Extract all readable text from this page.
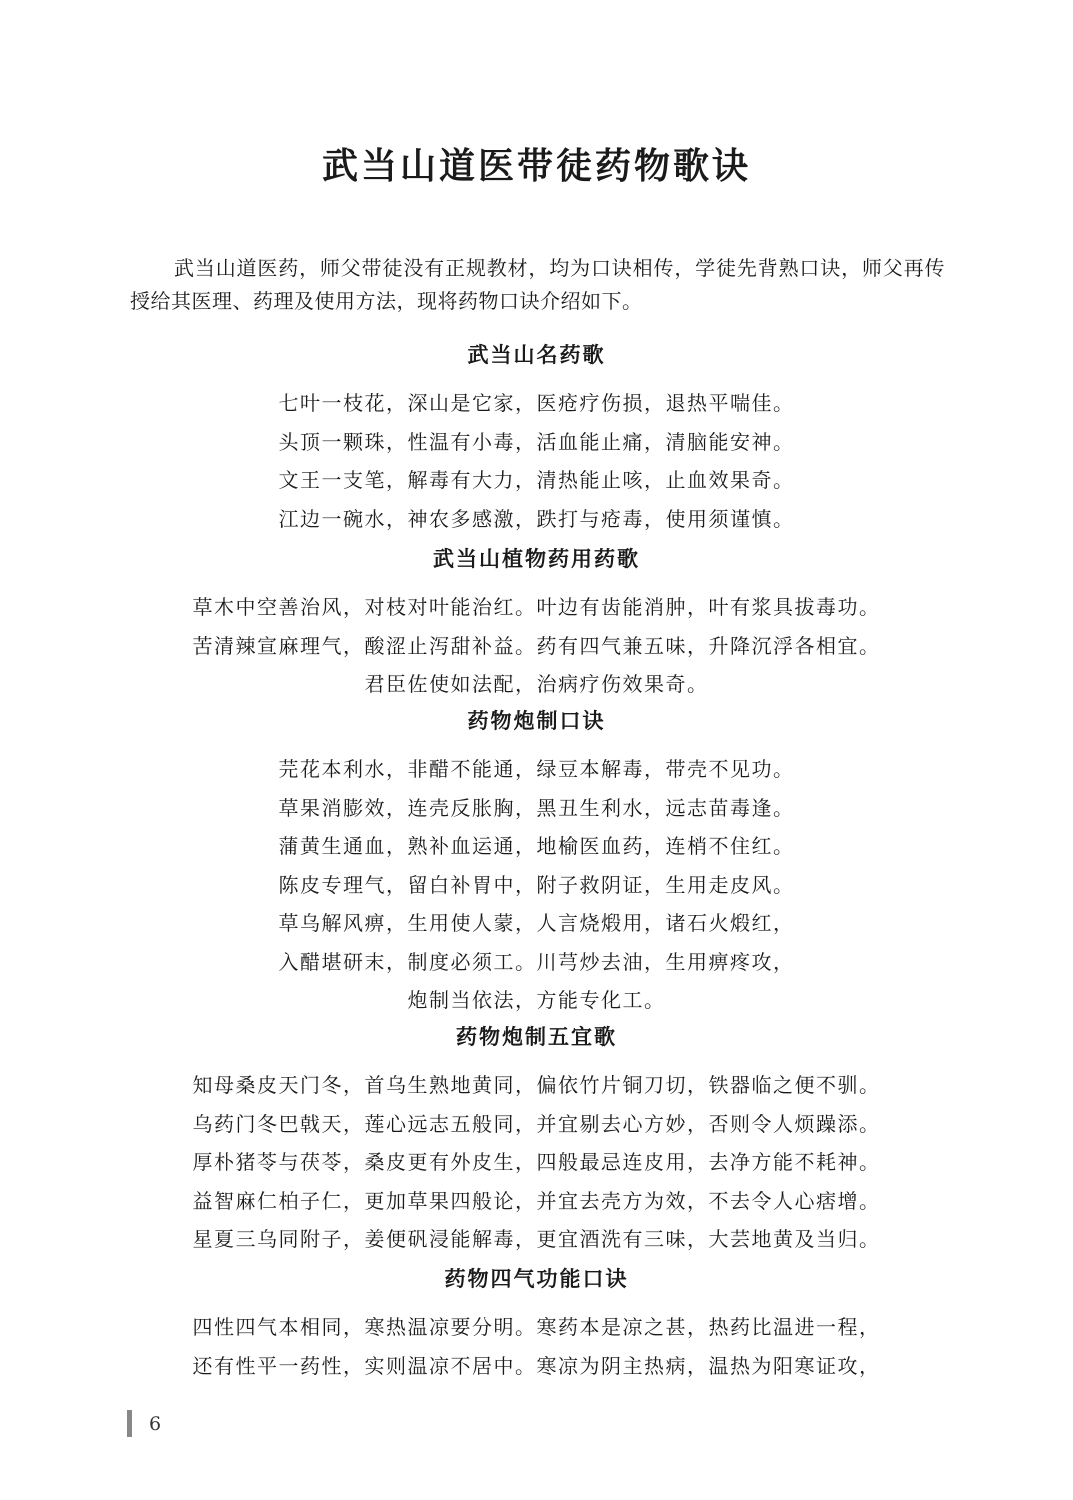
武当山道医带徒药物歌诀

武当山道医药，师父带徒没有正规教材，均为口诀相传，学徒先背熟口诀，师父再传授给其医理、药理及使用方法，现将药物口诀介绍如下。

武当山名药歌
七叶一枝花，深山是它家，医疮疗伤损，退热平喘佳。
头顶一颗珠，性温有小毒，活血能止痛，清脑能安神。
文王一支笔，解毒有大力，清热能止咳，止血效果奇。
江边一碗水，神农多感激，跌打与疮毒，使用须谨慎。
武当山植物药用药歌
草木中空善治风，对枝对叶能治红。叶边有齿能消肿，叶有浆具拔毒功。
苦清辣宣麻理气，酸涩止泻甜补益。药有四气兼五味，升降沉浮各相宜。
君臣佐使如法配，治病疗伤效果奇。
药物炮制口诀
芫花本利水，非醋不能通，绿豆本解毒，带壳不见功。
草果消膨效，连壳反胀胸，黑丑生利水，远志苗毒逢。
蒲黄生通血，熟补血运通，地榆医血药，连梢不住红。
陈皮专理气，留白补胃中，附子救阴证，生用走皮风。
草乌解风痹，生用使人蒙，人言烧煅用，诸石火煅红，
入醋堪研末，制度必须工。川芎炒去油，生用痹疼攻，
炮制当依法，方能专化工。
药物炮制五宜歌
知母桑皮天门冬，首乌生熟地黄同，偏依竹片铜刀切，铁器临之便不驯。
乌药门冬巴戟天，莲心远志五般同，并宜剔去心方妙，否则令人烦躁添。
厚朴猪苓与茯苓，桑皮更有外皮生，四般最忌连皮用，去净方能不耗神。
益智麻仁柏子仁，更加草果四般论，并宜去壳方为效，不去令人心痞增。
星夏三乌同附子，姜便矾浸能解毒，更宜酒洗有三味，大芸地黄及当归。
药物四气功能口诀
四性四气本相同，寒热温凉要分明。寒药本是凉之甚，热药比温进一程，
还有性平一药性，实则温凉不居中。寒凉为阴主热病，温热为阳寒证攻，
6
